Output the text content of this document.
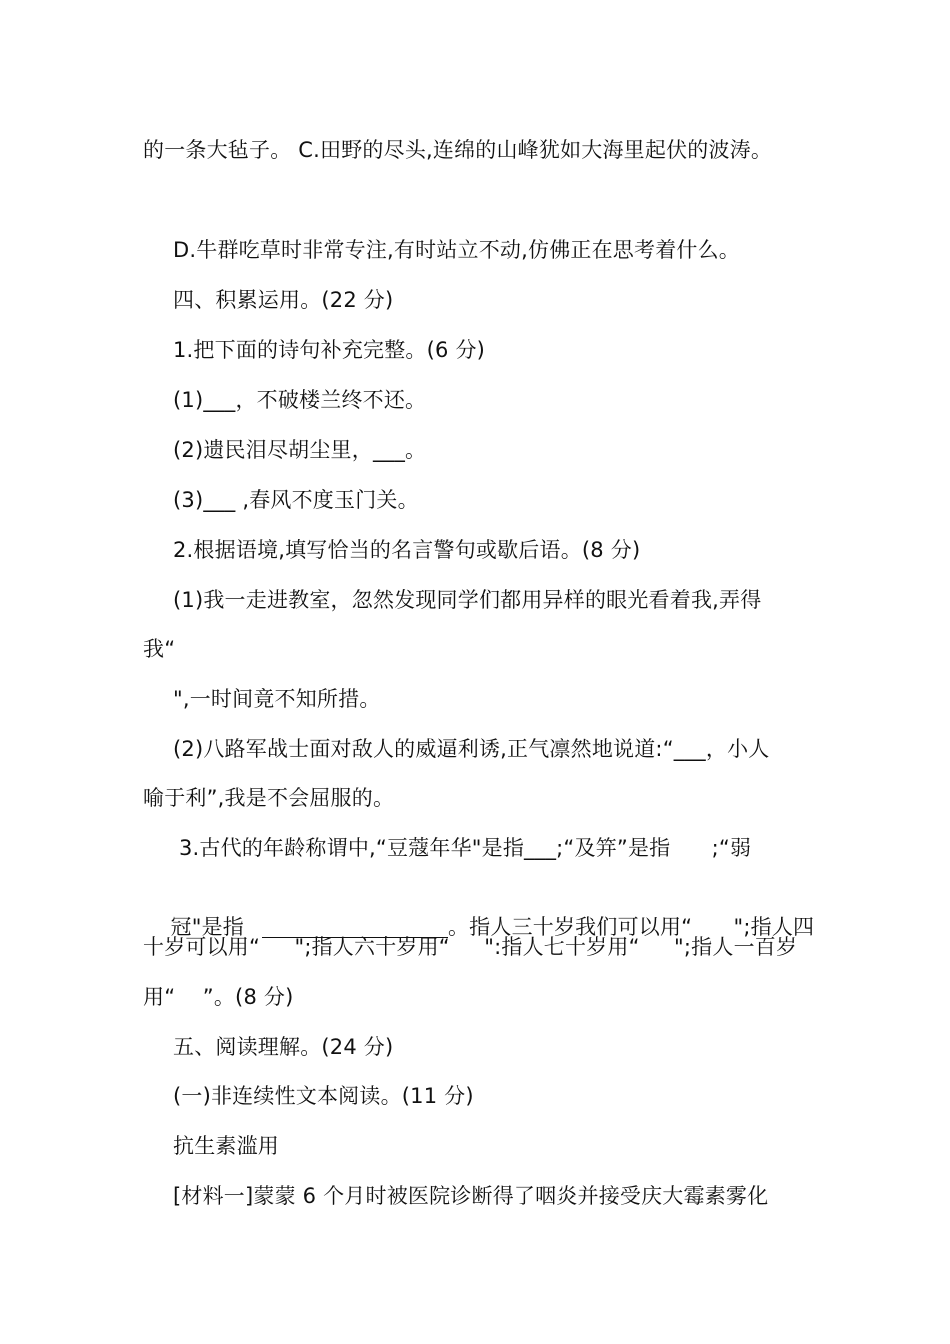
的一条大毡子。 C.田野的尽头,连绵的山峰犹如大海里起伏的波涛。
D.牛群吃草时非常专注,有时站立不动,仿佛正在思考着什么。
四、积累运用。(22 分)
1.把下面的诗句补充完整。(6 分)
(1)___，不破楼兰终不还。
(2)遗民泪尽胡尘里，___。
(3)___ ,春风不度玉门关。
2.根据语境,填写恰当的名言警句或歇后语。(8 分)
(1)我一走进教室，忽然发现同学们都用异样的眼光看着我,弄得
我“
",一时间竟不知所措。
(2)八路军战士面对敌人的威逼利诱,正气凛然地说道:“___，小人
喻于利”,我是不会屈服的。
3.古代的年龄称谓中,“豆蔻年华"是指___;“及笄”是指      ;“弱

冠"是指	。指人三十岁我们可以用“      ";指人四

十岁可以用“     ";指人六十岁用“     ":指人七十岁用“     ";指人一百岁
用“    ”。(8 分)
五、阅读理解。(24 分)
(一)非连续性文本阅读。(11 分)
抗生素滥用
[材料一]蒙蒙 6 个月时被医院诊断得了咽炎并接受庆大霉素雾化
